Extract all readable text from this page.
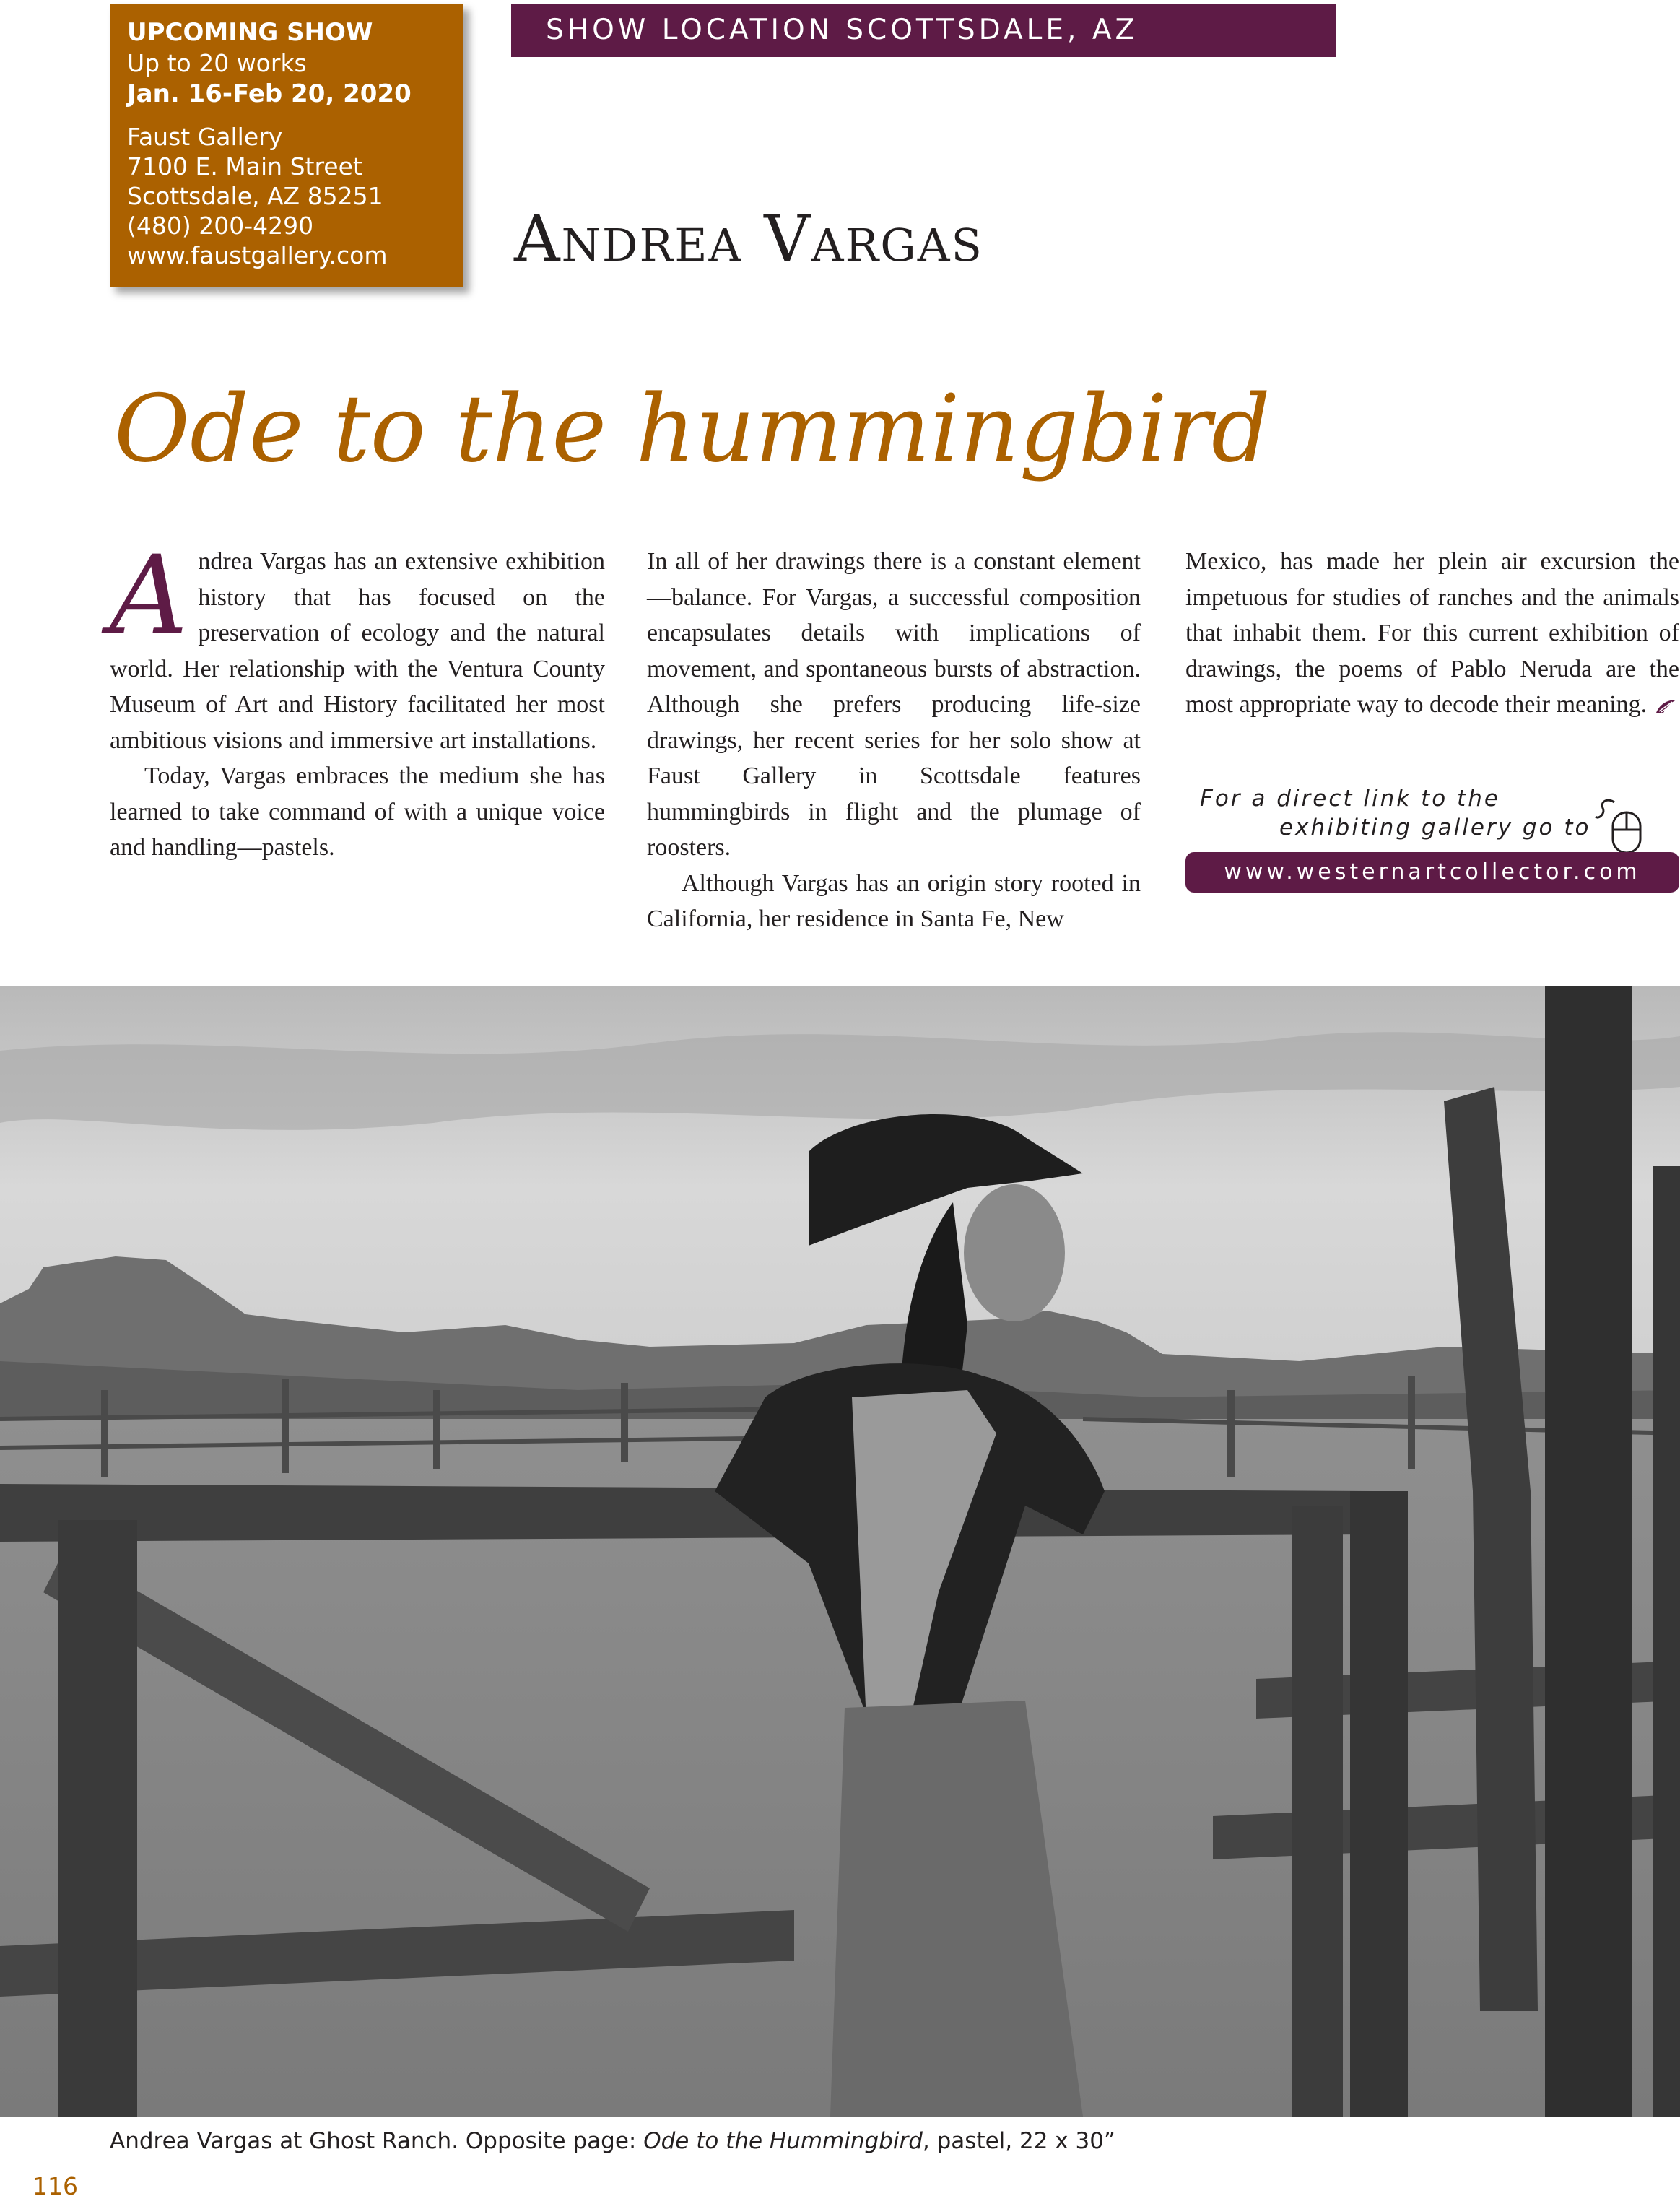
UPCOMING SHOW
Up to 20 works
Jan. 16-Feb 20, 2020
Faust Gallery
7100 E. Main Street
Scottsdale, AZ 85251
(480) 200-4290
www.faustgallery.com
SHOW LOCATION SCOTTSDALE, AZ
Andrea Vargas
Ode to the hummingbird

Andrea Vargas has an extensive exhibition history that has focused on the preservation of ecology and the natural world. Her relationship with the Ventura County Museum of Art and History facilitated her most ambitious visions and immersive art installations.

Today, Vargas embraces the medium she has learned to take command of with a unique voice and handling—pastels.

In all of her drawings there is a constant element—balance. For Vargas, a successful composition encapsulates details with implications of movement, and spontaneous bursts of abstraction. Although she prefers producing life-size drawings, her recent series for her solo show at Faust Gallery in Scottsdale features hummingbirds in flight and the plumage of roosters.

Although Vargas has an origin story rooted in California, her residence in Santa Fe, New

Mexico, has made her plein air excursion the impetuous for studies of ranches and the animals that inhabit them. For this current exhibition of drawings, the poems of Pablo Neruda are the most appropriate way to decode their meaning.

For a direct link to the
exhibiting gallery go to
www.westernartcollector.com
Andrea Vargas at Ghost Ranch. Opposite page: Ode to the Hummingbird, pastel, 22 x 30”
116
